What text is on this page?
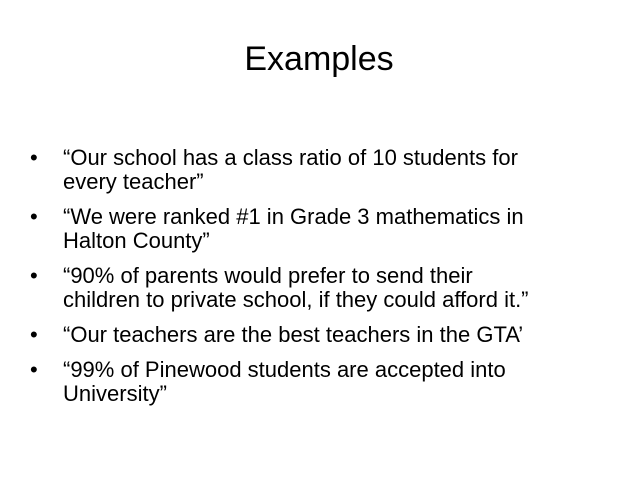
Examples
•	“Our school has a class ratio of 10 students for
every teacher”
•	“We were ranked #1 in Grade 3 mathematics in
Halton County”
•	“90% of parents would prefer to send their
children to private school, if they could afford it.”
•	“Our teachers are the best teachers in the GTA’
•	“99% of Pinewood students are accepted into
University”
